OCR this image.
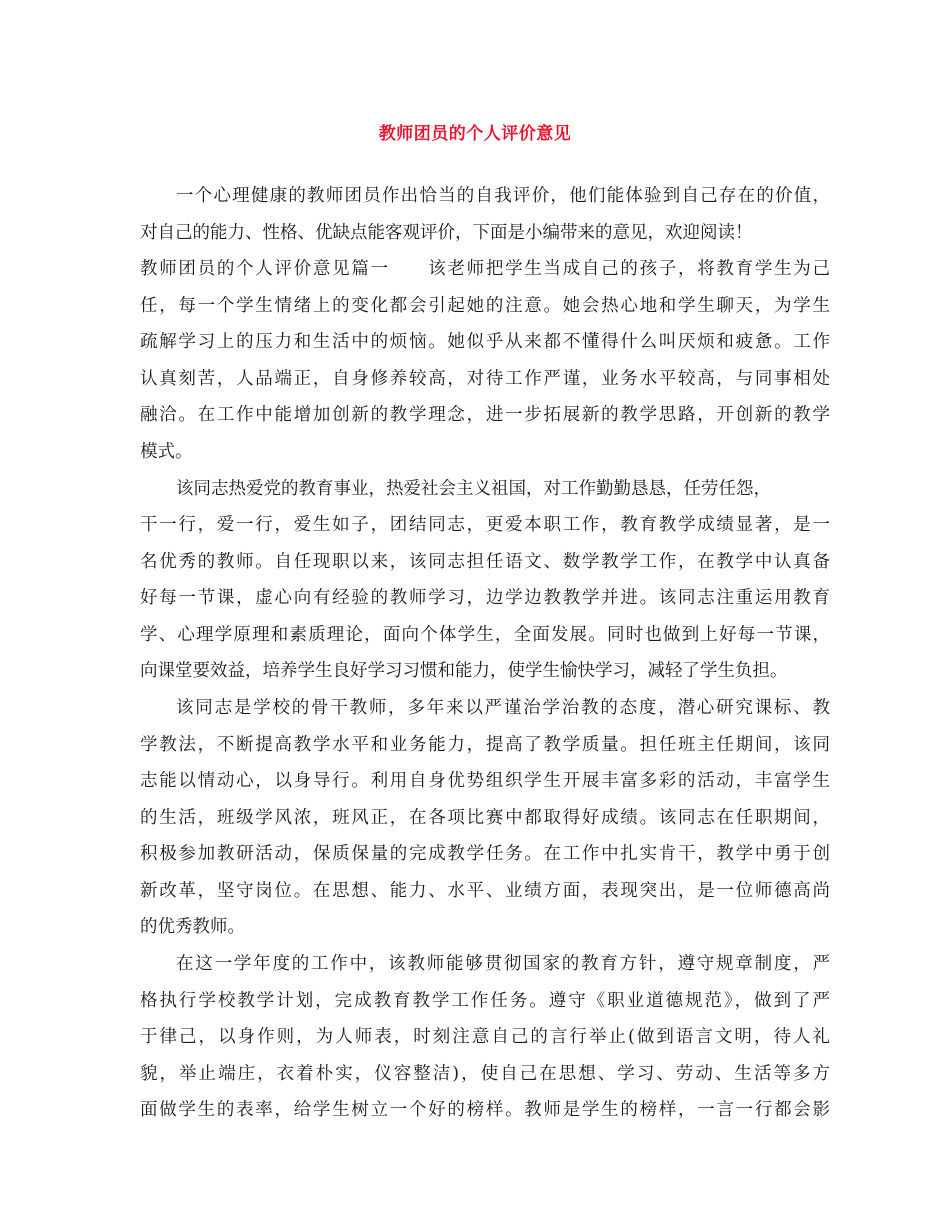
教师团员的个人评价意见
一个心理健康的教师团员作出恰当的自我评价，他们能体验到自己存在的价值，
对自己的能力、性格、优缺点能客观评价，下面是小编带来的意见，欢迎阅读！
教师团员的个人评价意见篇一　　该老师把学生当成自己的孩子，将教育学生为己
任，每一个学生情绪上的变化都会引起她的注意。她会热心地和学生聊天，为学生
疏解学习上的压力和生活中的烦恼。她似乎从来都不懂得什么叫厌烦和疲惫。工作
认真刻苦，人品端正，自身修养较高，对待工作严谨，业务水平较高，与同事相处
融洽。在工作中能增加创新的教学理念，进一步拓展新的教学思路，开创新的教学
模式。
该同志热爱党的教育事业，热爱社会主义祖国，对工作勤勤恳恳，任劳任怨，
干一行，爱一行，爱生如子，团结同志，更爱本职工作，教育教学成绩显著，是一
名优秀的教师。自任现职以来，该同志担任语文、数学教学工作，在教学中认真备
好每一节课，虚心向有经验的教师学习，边学边教教学并进。该同志注重运用教育
学、心理学原理和素质理论，面向个体学生，全面发展。同时也做到上好每一节课，
向课堂要效益，培养学生良好学习习惯和能力，使学生愉快学习，减轻了学生负担。
该同志是学校的骨干教师，多年来以严谨治学治教的态度，潜心研究课标、教
学教法，不断提高教学水平和业务能力，提高了教学质量。担任班主任期间，该同
志能以情动心，以身导行。利用自身优势组织学生开展丰富多彩的活动，丰富学生
的生活，班级学风浓，班风正，在各项比赛中都取得好成绩。该同志在任职期间，
积极参加教研活动，保质保量的完成教学任务。在工作中扎实肯干，教学中勇于创
新改革，坚守岗位。在思想、能力、水平、业绩方面，表现突出，是一位师德高尚
的优秀教师。
在这一学年度的工作中，该教师能够贯彻国家的教育方针，遵守规章制度，严
格执行学校教学计划，完成教育教学工作任务。遵守《职业道德规范》，做到了严
于律己，以身作则，为人师表，时刻注意自己的言行举止(做到语言文明，待人礼
貌，举止端庄，衣着朴实，仪容整洁)，使自己在思想、学习、劳动、生活等多方
面做学生的表率，给学生树立一个好的榜样。教师是学生的榜样，一言一行都会影
